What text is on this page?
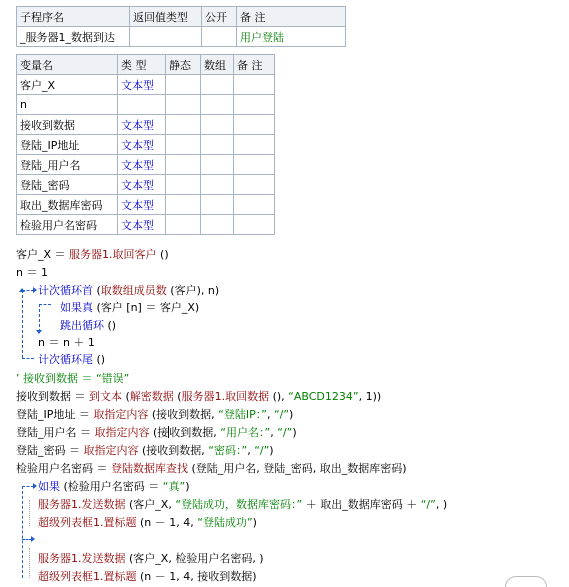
子程序名	返回值类型	公开	备 注
_服务器1_数据到达			用户登陆
变量名	类 型	静态	数组	备 注
客户_X	文本型			
n				
接收到数据	文本型			
登陆_IP地址	文本型			
登陆_用户名	文本型			
登陆_密码	文本型			
取出_数据库密码	文本型			
检验用户名密码	文本型			
客户_X ＝ 服务器1.取回客户 ()
n ＝ 1
计次循环首 (取数组成员数 (客户), n)
如果真 (客户 [n] ＝ 客户_X)
跳出循环 ()
n ＝ n ＋ 1
计次循环尾 ()
’ 接收到数据 ＝ “错误”
接收到数据 ＝ 到文本 (解密数据 (服务器1.取回数据 (), “ABCD1234”, 1))
登陆_IP地址 ＝ 取指定内容 (接收到数据, “登陆IP：”, “/”)
登陆_用户名 ＝ 取指定内容 (接收到数据, “用户名：”, “/”)
登陆_密码 ＝ 取指定内容 (接收到数据, “密码：”, “/”)
检验用户名密码 ＝ 登陆数据库查找 (登陆_用户名, 登陆_密码, 取出_数据库密码)
如果 (检验用户名密码 ＝ “真”)
服务器1.发送数据 (客户_X, “登陆成功，数据库密码：” ＋ 取出_数据库密码 ＋ “/”, )
超级列表框1.置标题 (n － 1, 4, “登陆成功”)
服务器1.发送数据 (客户_X, 检验用户名密码, )
超级列表框1.置标题 (n － 1, 4, 接收到数据)
